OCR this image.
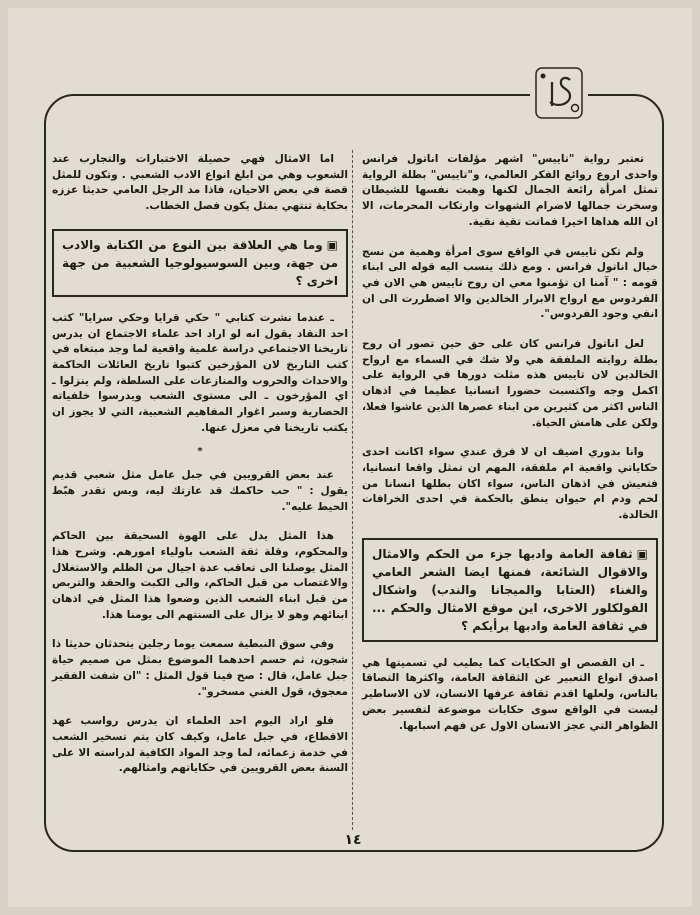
تعتبر رواية "تاييس" اشهر مؤلفات اناتول فرانس واحدى اروع روائع الفكر العالمي، و"تاييس" بطلة الرواية تمثل امرأة رائعة الجمال لكنها وهبت نفسها للشيطان وسخرت جمالها لاضرام الشهوات وارتكاب المحرمات، الا ان الله هداها اخيرا فماتت تقية نقية.

ولم تكن تاييس في الواقع سوى امرأة وهمية من نسج خيال اناتول فرانس . ومع ذلك ينسب اليه قوله الى ابناء قومه : " آمنا ان تؤمنوا معي ان روح تاييس هي الان في الفردوس مع ارواح الابرار الخالدين والا اضطررت الى ان انفي وجود الفردوس".

لعل اناتول فرانس كان على حق حين تصور ان روح بطلة روايته الملفقة هي ولا شك في السماء مع ارواح الخالدين لان تاييس هذه مثلت دورها في الرواية على اكمل وجه واكتسبت حضورا انسانيا عظيما في اذهان الناس اكثر من كثيرين من ابناء عصرها الذين عاشوا فعلا، ولكن على هامش الحياة.

وانا بدوري اضيف ان لا فرق عندي سواء اكانت احدى حكاياتي واقعية ام ملفقة، المهم ان تمثل واقعا انسانيا، فتعيش في اذهان الناس، سواء اكان بطلها انسانا من لحم ودم ام حيوان ينطق بالحكمة في احدى الخرافات الخالدة.

▣ثقافة العامة وادبها جزء من الحكم والامثال والاقوال الشائعة، فمنها ايضا الشعر العامي والغناء (العتابا والميجانا والندب) واشكال الفولكلور الاخرى، اين موقع الامثال والحكم ... في ثقافة العامة وادبها برأيكم ؟

ـ ان القصص او الحكايات كما يطيب لي تسميتها هي اصدق انواع التعبير عن الثقافة العامة، واكثرها التصاقا بالناس، ولعلها اقدم ثقافة عرفها الانسان، لان الاساطير ليست في الواقع سوى حكايات موضوعة لتفسير بعض الظواهر التي عجز الانسان الاول عن فهم اسبابها.

اما الامثال فهي حصيلة الاختبارات والتجارب عند الشعوب وهي من ابلغ انواع الادب الشعبي . وتكون للمثل قصة في بعض الاحيان، فاذا مد الرجل العامي حديثا عززه بحكاية تنتهي بمثل يكون فصل الخطاب.

▣وما هي العلاقة بين النوع من الكتابة والادب من جهة، وبين السوسيولوجيا الشعبية من جهة اخرى ؟

ـ عندما نشرت كتابي " حكي قرايا وحكي سرايا" كتب احد النقاد يقول انه لو اراد احد علماء الاجتماع ان يدرس تاريخنا الاجتماعي دراسة علمية واقعية لما وجد مبتغاه في كتب التاريخ لان المؤرخين كتبوا تاريخ العائلات الحاكمة والاحداث والحروب والمنازعات على السلطة، ولم ينزلوا ـ اي المؤرخون ـ الى مستوى الشعب ويدرسوا خلفياته الحضارية وسبر اغوار المفاهيم الشعبية، التي لا يجوز ان يكتب تاريخنا في معزل عنها.

*

عند بعض القرويين في جبل عامل مثل شعبي قديم يقول : " حب حاكمك قد عازتك ليه، وبس تقدر هبّط الحيط عليه".

هذا المثل يدل على الهوة السحيقة بين الحاكم والمحكوم، وقلة ثقة الشعب باولياء امورهم. وشرح هذا المثل يوصلنا الى تعاقب عدة اجيال من الظلم والاستغلال والاغتصاب من قبل الحاكم، والى الكبت والحقد والتربص من قبل ابناء الشعب الذين وضعوا هذا المثل في اذهان ابنائهم وهو لا يزال على السنتهم الى يومنا هذا.

وفي سوق النبطية سمعت يوما رجلين يتحدثان حديثا ذا شجون، ثم حسم احدهما الموضوع بمثل من صميم حياة جبل عامل، قال : صح فينا قول المثل : "ان شفت الفقير معجوق، قول الغني مسخرو".

فلو اراد اليوم احد العلماء ان يدرس رواسب عهد الاقطاع، في جبل عامل، وكيف كان يتم تسخير الشعب في خدمة زعمائه، لما وجد المواد الكافية لدراسته الا على السنة بعض القرويين في حكاياتهم وامثالهم.

١٤
